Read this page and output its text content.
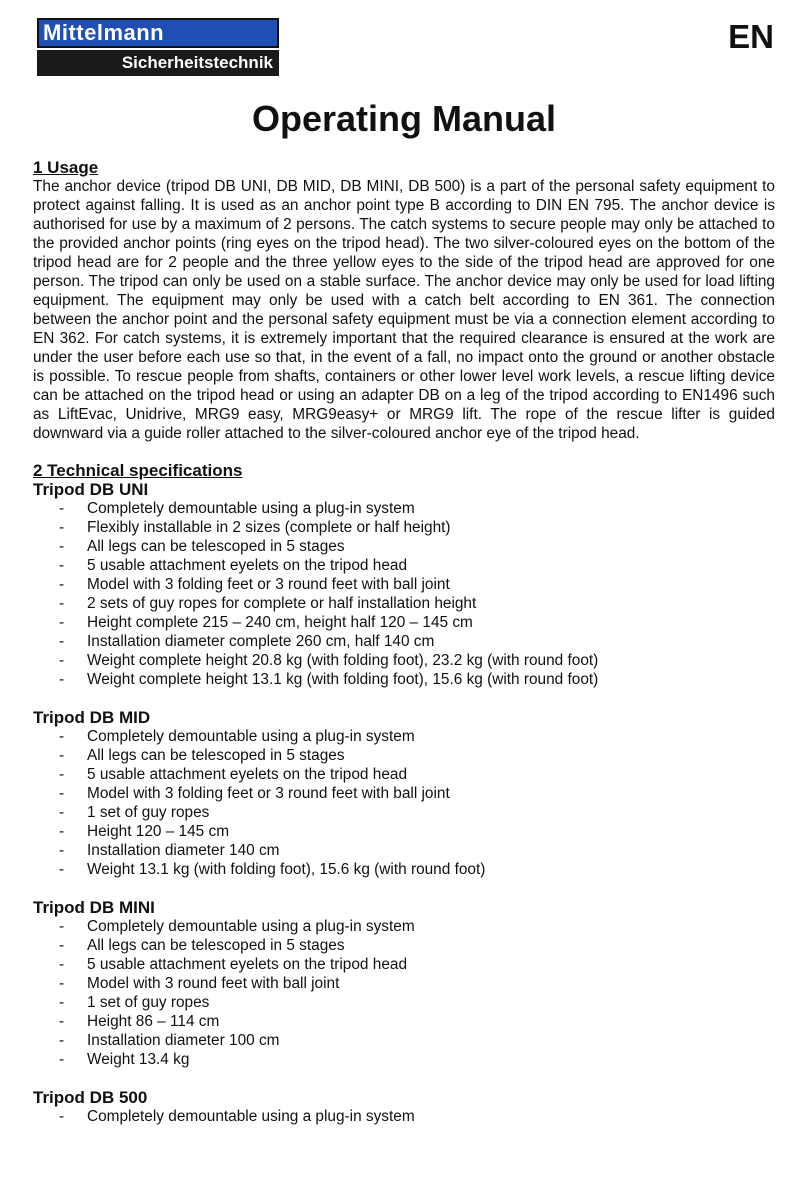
Mittelmann
Sicherheitstechnik
EN
Operating Manual
1 Usage

The anchor device (tripod DB UNI, DB MID, DB MINI, DB 500) is a part of the personal safety equipment to protect against falling. It is used as an anchor point type B according to DIN EN 795. The anchor device is authorised for use by a maximum of 2 persons. The catch systems to secure people may only be attached to the provided anchor points (ring eyes on the tripod head). The two silver-coloured eyes on the bottom of the tripod head are for 2 people and the three yellow eyes to the side of the tripod head are approved for one person. The tripod can only be used on a stable surface. The anchor device may only be used for load lifting equipment. The equipment may only be used with a catch belt according to EN 361. The connection between the anchor point and the personal safety equipment must be via a connection element according to EN 362. For catch systems, it is extremely important that the required clearance is ensured at the work are under the user before each use so that, in the event of a fall, no impact onto the ground or another obstacle is possible. To rescue people from shafts, containers or other lower level work levels, a rescue lifting device can be attached on the tripod head or using an adapter DB on a leg of the tripod according to EN1496 such as LiftEvac, Unidrive, MRG9 easy, MRG9easy+ or MRG9 lift. The rope of the rescue lifter is guided downward via a guide roller attached to the silver-coloured anchor eye of the tripod head.

2 Technical specifications
Tripod DB UNI
- Completely demountable using a plug-in system
- Flexibly installable in 2 sizes (complete or half height)
- All legs can be telescoped in 5 stages
- 5 usable attachment eyelets on the tripod head
- Model with 3 folding feet or 3 round feet with ball joint
- 2 sets of guy ropes for complete or half installation height
- Height complete 215 – 240 cm, height half 120 – 145 cm
- Installation diameter complete 260 cm, half 140 cm
- Weight complete height 20.8 kg (with folding foot), 23.2 kg (with round foot)
- Weight complete height 13.1 kg (with folding foot), 15.6 kg (with round foot)
Tripod DB MID
- Completely demountable using a plug-in system
- All legs can be telescoped in 5 stages
- 5 usable attachment eyelets on the tripod head
- Model with 3 folding feet or 3 round feet with ball joint
- 1 set of guy ropes
- Height 120 – 145 cm
- Installation diameter 140 cm
- Weight 13.1 kg (with folding foot), 15.6 kg (with round foot)
Tripod DB MINI
- Completely demountable using a plug-in system
- All legs can be telescoped in 5 stages
- 5 usable attachment eyelets on the tripod head
- Model with 3 round feet with ball joint
- 1 set of guy ropes
- Height 86 – 114 cm
- Installation diameter 100 cm
- Weight 13.4 kg
Tripod DB 500
- Completely demountable using a plug-in system
